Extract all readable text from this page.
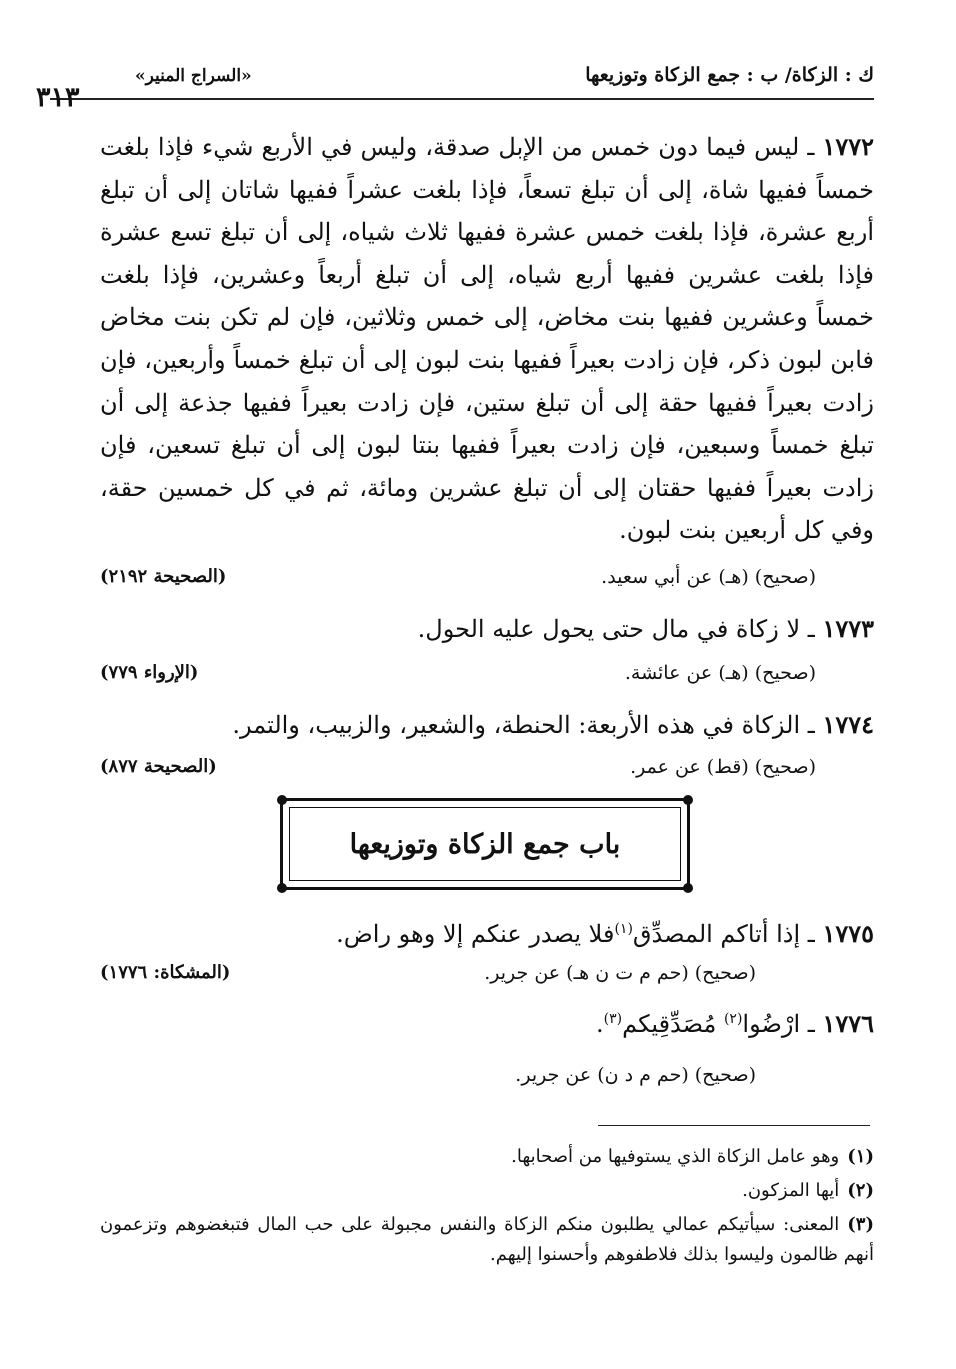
ك : الزكاة/ ب : جمع الزكاة وتوزيعها
«السراج المنير»
٣١٣
١٧٧٢ ـ ليس فيما دون خمس من الإبل صدقة، وليس في الأربع شيء فإذا بلغت خمساً ففيها شاة، إلى أن تبلغ تسعاً، فإذا بلغت عشراً ففيها شاتان إلى أن تبلغ أربع عشرة، فإذا بلغت خمس عشرة ففيها ثلاث شياه، إلى أن تبلغ تسع عشرة فإذا بلغت عشرين ففيها أربع شياه، إلى أن تبلغ أربعاً وعشرين، فإذا بلغت خمساً وعشرين ففيها بنت مخاض، إلى خمس وثلاثين، فإن لم تكن بنت مخاض فابن لبون ذكر، فإن زادت بعيراً ففيها بنت لبون إلى أن تبلغ خمساً وأربعين، فإن زادت بعيراً ففيها حقة إلى أن تبلغ ستين، فإن زادت بعيراً ففيها جذعة إلى أن تبلغ خمساً وسبعين، فإن زادت بعيراً ففيها بنتا لبون إلى أن تبلغ تسعين، فإن زادت بعيراً ففيها حقتان إلى أن تبلغ عشرين ومائة، ثم في كل خمسين حقة، وفي كل أربعين بنت لبون.
(صحيح) (هـ) عن أبي سعيد.
(الصحيحة ٢١٩٢)
١٧٧٣ ـ لا زكاة في مال حتى يحول عليه الحول.
(صحيح) (هـ) عن عائشة.
(الإرواء ٧٧٩)
١٧٧٤ ـ الزكاة في هذه الأربعة: الحنطة، والشعير، والزبيب، والتمر.
(صحيح) (قط) عن عمر.
(الصحيحة ٨٧٧)
باب جمع الزكاة وتوزيعها
١٧٧٥ ـ إذا أتاكم المصدِّق$^{(١)}$فلا يصدر عنكم إلا وهو راض.
(صحيح) (حم م ت ن هـ) عن جرير.
(المشكاة: ١٧٧٦)
١٧٧٦ ـ ارْضُوا$^{(٢)}$ مُصَدِّقِيكم$^{(٣)}$.
(صحيح) (حم م د ن) عن جرير.
(١)وهو عامل الزكاة الذي يستوفيها من أصحابها.
(٢)أيها المزكون.
(٣)المعنى: سيأتيكم عمالي يطلبون منكم الزكاة والنفس مجبولة على حب المال فتبغضوهم وتزعمون أنهم ظالمون وليسوا بذلك فلاطفوهم وأحسنوا إليهم.
